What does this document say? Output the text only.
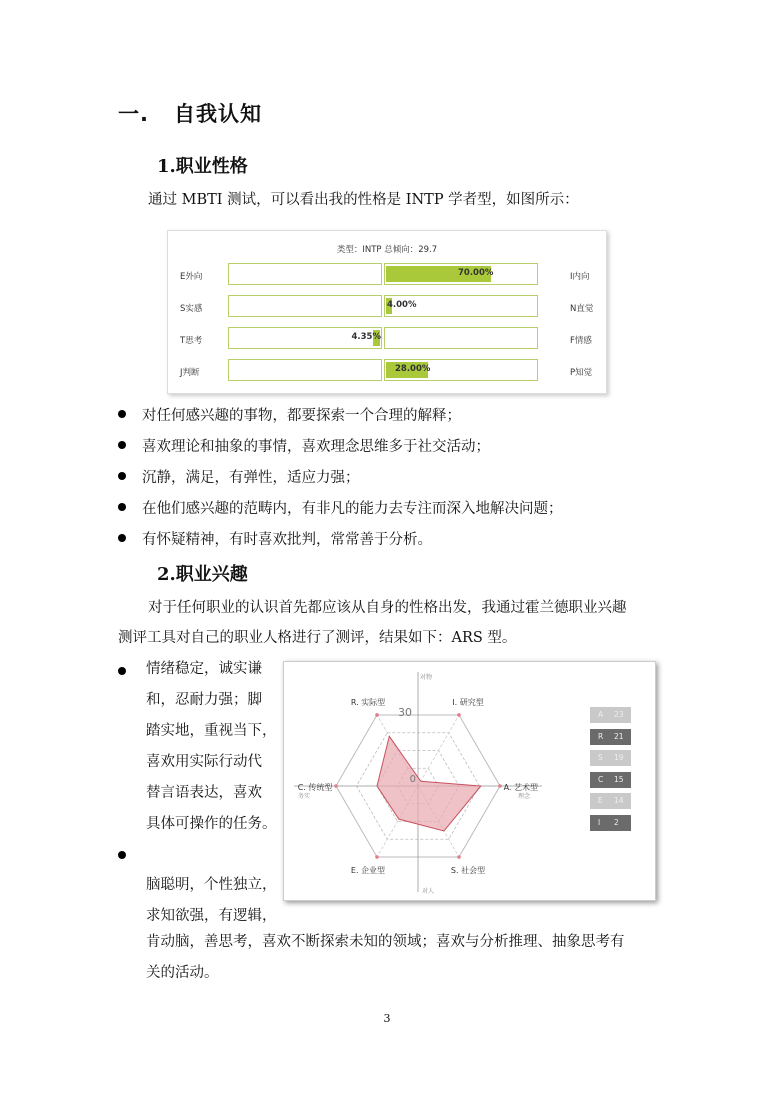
一. 自我认知
1.职业性格
通过 MBTI 测试，可以看出我的性格是 INTP 学者型，如图所示：
类型：INTP 总倾向：29.7
E外向	I内向
70.00%
S实感	N直觉
4.00%
T思考	F情感
4.35%
J判断	P知觉
28.00%
对任何感兴趣的事物，都要探索一个合理的解释；
喜欢理论和抽象的事情，喜欢理念思维多于社交活动；
沉静，满足，有弹性，适应力强；
在他们感兴趣的范畴内，有非凡的能力去专注而深入地解决问题；
有怀疑精神，有时喜欢批判，常常善于分析。
2.职业兴趣
对于任何职业的认识首先都应该从自身的性格出发，我通过霍兰德职业兴趣
测评工具对自己的职业人格进行了测评，结果如下：ARS 型。
情绪稳定，诚实谦
和，忍耐力强；脚
踏实地，重视当下，
喜欢用实际行动代
替言语表达，喜欢
具体可操作的任务。
脑聪明，个性独立，
求知欲强，有逻辑，
肯动脑，善思考，喜欢不断探索未知的领域；喜欢与分析推理、抽象思考有
关的活动。
R. 实际型	I. 研究型
A. 艺术型
S. 社会型
E. 企业型
C. 传统型
30
0
对物
对人
务实	理念
A 23
R 21
S 19
C 15
E 14
I 2
3
